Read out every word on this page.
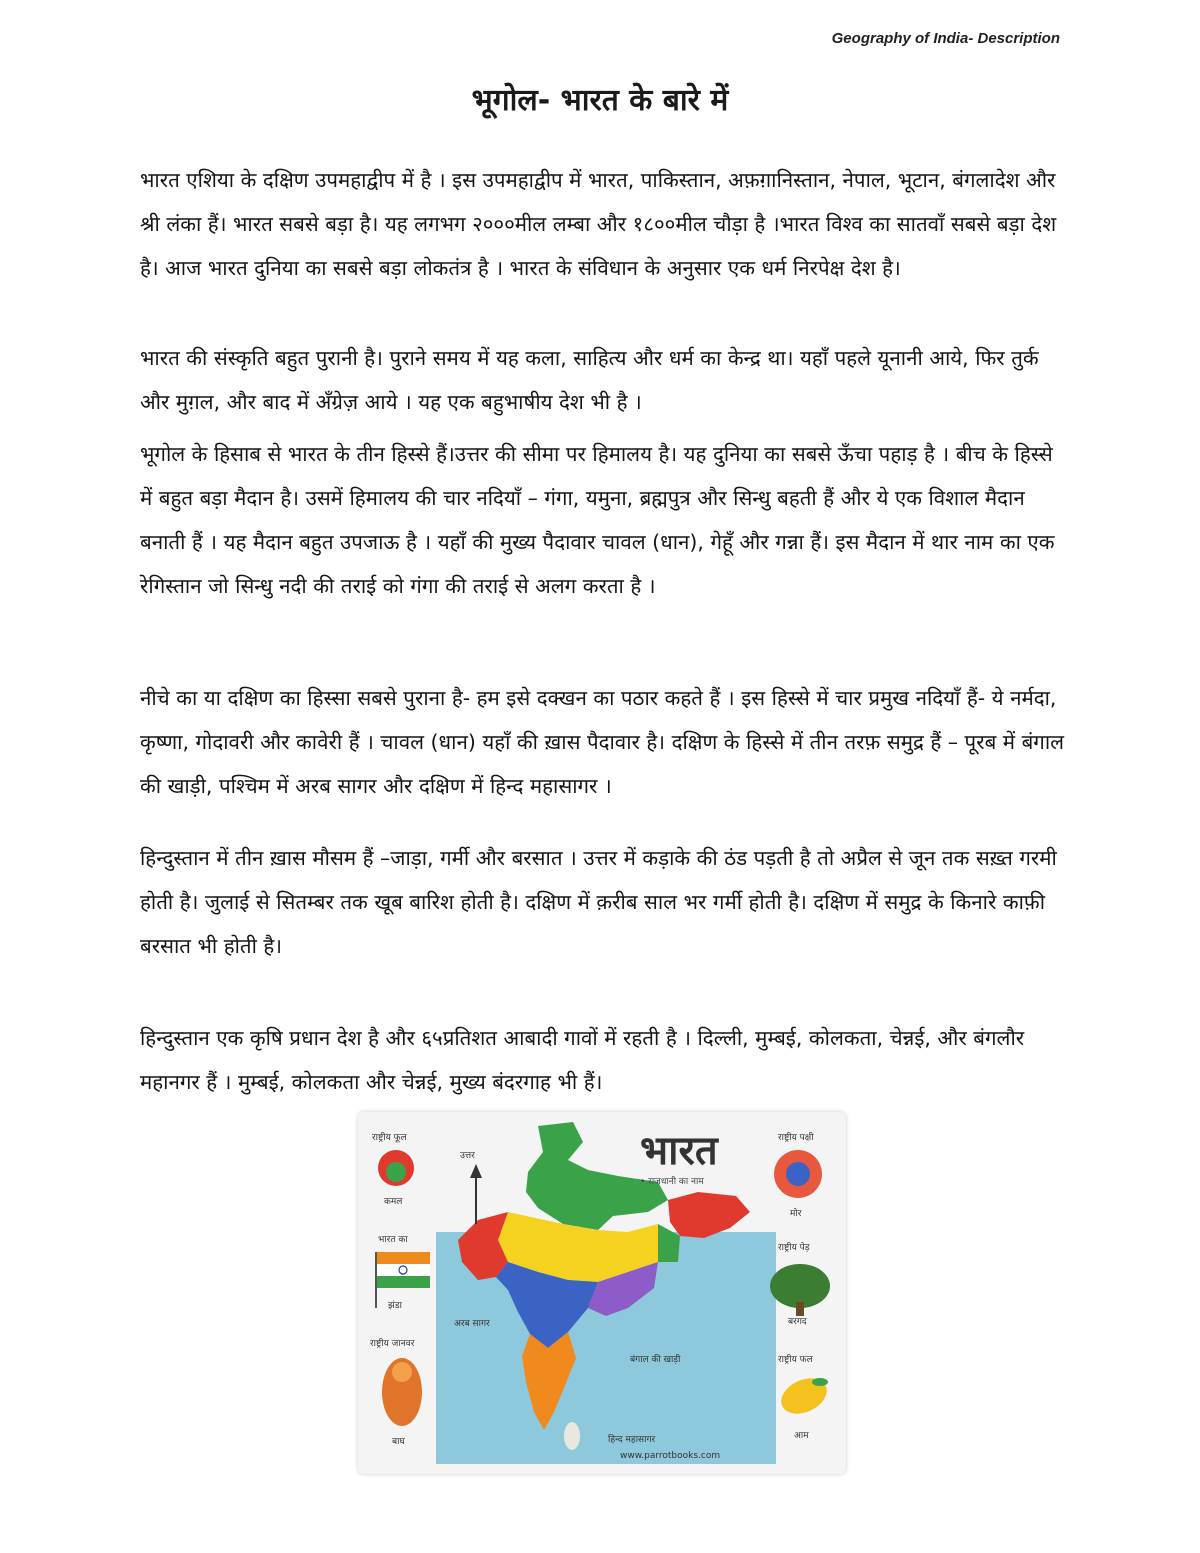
Geography of India- Description
भूगोल- भारत के बारे में
भारत एशिया के दक्षिण उपमहाद्वीप में है । इस उपमहाद्वीप में भारत, पाकिस्तान, अफ़ग़ानिस्तान, नेपाल, भूटान, बंगलादेश और श्री लंका हैं। भारत सबसे बड़ा है। यह लगभग २०००मील लम्बा और १८००मील चौड़ा है ।भारत विश्व का सातवाँ सबसे बड़ा देश है। आज भारत दुनिया का सबसे बड़ा लोकतंत्र है । भारत के संविधान के अनुसार एक धर्म निरपेक्ष देश है।
भारत की संस्कृति बहुत पुरानी है। पुराने समय में यह कला, साहित्य और धर्म का केन्द्र था। यहाँ पहले यूनानी आये, फिर तुर्क और मुग़ल, और बाद में अँग्रेज़ आये । यह एक बहुभाषीय देश भी है ।
भूगोल के हिसाब से भारत के तीन हिस्से हैं।उत्तर की सीमा पर हिमालय है। यह दुनिया का सबसे ऊँचा पहाड़ है । बीच के हिस्से में बहुत बड़ा मैदान है। उसमें हिमालय की चार नदियाँ – गंगा, यमुना, ब्रह्मपुत्र और सिन्धु बहती हैं और ये एक विशाल मैदान बनाती हैं । यह मैदान बहुत उपजाऊ है । यहाँ की मुख्य पैदावार चावल (धान), गेहूँ और गन्ना हैं। इस मैदान में थार नाम का एक रेगिस्तान जो सिन्धु नदी की तराई को गंगा की तराई से अलग करता है ।
नीचे का या दक्षिण का हिस्सा सबसे पुराना है- हम इसे दक्खन का पठार कहते हैं । इस हिस्से में चार प्रमुख नदियाँ हैं- ये नर्मदा, कृष्णा, गोदावरी और कावेरी हैं । चावल (धान) यहाँ की ख़ास पैदावार है। दक्षिण के हिस्से में तीन तरफ़ समुद्र हैं – पूरब में बंगाल की खाड़ी, पश्चिम में अरब सागर और दक्षिण में हिन्द महासागर ।
हिन्दुस्तान में तीन ख़ास मौसम हैं –जाड़ा, गर्मी और बरसात । उत्तर में कड़ाके की ठंड पड़ती है तो अप्रैल से जून तक सख़्त गरमी होती है। जुलाई से सितम्बर तक खूब बारिश होती है। दक्षिण में क़रीब साल भर गर्मी होती है। दक्षिण में समुद्र के किनारे काफ़ी बरसात भी होती है।
हिन्दुस्तान एक कृषि प्रधान देश है और ६५प्रतिशत आबादी गावों में रहती है । दिल्ली, मुम्बई, कोलकता, चेन्नई, और बंगलौर महानगर हैं । मुम्बई, कोलकता और चेन्नई, मुख्य बंदरगाह भी हैं।
भारत
• राजधानी का नाम
उत्तर
अरब सागर
बंगाल की खाड़ी
हिन्द महासागर
www.parrotbooks.com
राष्ट्रीय फूल
कमल
भारत का
झंडा
राष्ट्रीय जानवर
बाघ
राष्ट्रीय पक्षी
मोर
राष्ट्रीय पेड़
बरगद
राष्ट्रीय फल
आम
